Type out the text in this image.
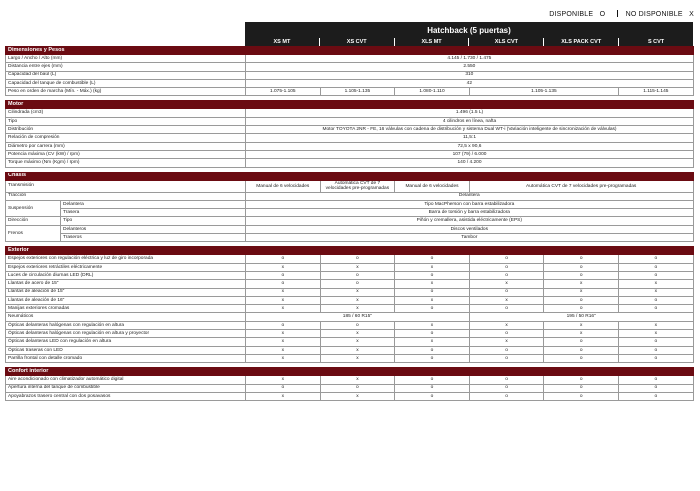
DISPONIBLE O	NO DISPONIBLE X
Hatchback (5 puertas)
XS MT	XS CVT	XLS MT	XLS CVT	XLS PACK CVT	S CVT
Dimensiones y Pesos					
Largo / Ancho / Alto (mm)	4.145 / 1.730 / 1.475				
Distancia entre ejes (mm)	2.550				
Capacidad del baúl (L)	310				
Capacidad del tanque de combustible (L)	42				
Peso en orden de marcha (Mín. - Máx.) (kg)	1.075-1.105	1.105-1.135	1.080-1.110	1.105-1.135	1.115-1.145
Motor	
Cilindrada (cm3)	1.496 (1.5 L)
Tipo	4 cilindros en línea, nafta
Distribución	Motor TOYOTA 2NR - FE, 16 válvulas con cadena de distribución y sistema Dual WT-i (Variación inteligente de sincronización de válvulas)
Relación de compresión	11,5:1
Diámetro por carrera (mm)	72,5 x 90,6
Potencia máxima (CV (kW) / rpm)	107 (79) / 6.000
Torque máximo (Nm (Kgm) / rpm)	140 / 4.200
Chasis					
Transmisión		Manual de 6 velocidades	Automática CVT de 7 velocidades pre-programadas	Manual de 6 velocidades	Automática CVT de 7 velocidades pre-programadas
Tracción		Delantera			
Suspensión	Delantera	Tipo MacPherson con barra estabilizadora			
	Trasera	Barra de torsión y barra estabilizadora			
Dirección	Tipo	Piñón y cremallera, asistida eléctricamente (EPS)			
Frenos	Delanteros	Discos ventilados			
	Traseros	Tambor			
Exterior						
Espejos exteriores con regulación eléctrica y luz de giro incorporada	o	o	o	o	o	o
Espejos exteriores retráctiles eléctricamente	x	x	x	o	o	o
Luces de circulación diurnas LED (DRL)	o	o	o	o	o	o
Llantas de acero de 15"	o	o	x	x	x	x
Llantas de aleación de 15"	x	x	o	o	x	x
Llantas de aleación de 16"	x	x	x	x	o	o
Manijas exteriores cromadas	x	x	o	o	o	o
Neumáticos	185 / 60 R15"			195 / 50 R16"		
Ópticas delanteras halógenas con regulación en altura	o	o	x	x	x	x
Ópticas delanteras halógenas con regulación en altura y proyector	x	x	o	o	x	x
Ópticas delanteras LED con regulación en altura	x	x	x	x	o	o
Ópticas traseras con LED	x	x	o	o	o	o
Parrilla frontal con detalle cromado	x	x	o	o	o	o
Confort interior						
Aire acondicionado con climatizador automático digital	x	x	o	o	o	o
Apertura interna del tanque de combustible	o	o	o	o	o	o
Apoyabrazos trasero central con dos posavasos	x	x	o	o	o	o
